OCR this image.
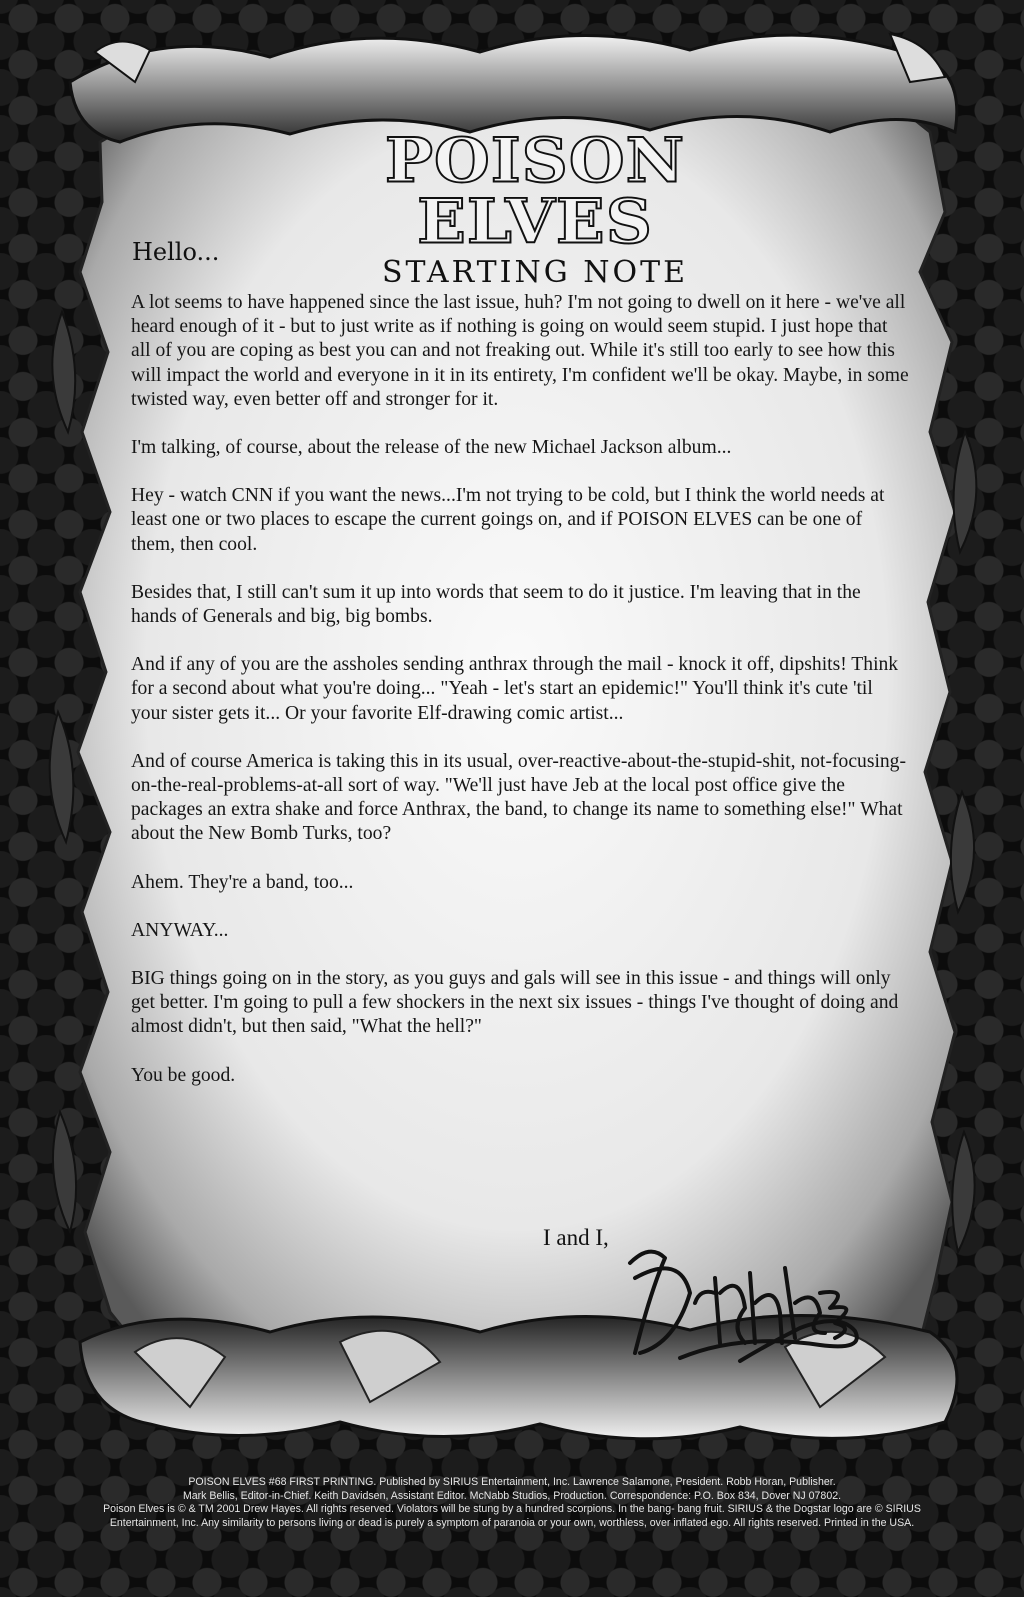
POISON ELVES
STARTING NOTE
Hello...

A lot seems to have happened since the last issue, huh? I'm not going to dwell on it here - we've all heard enough of it - but to just write as if nothing is going on would seem stupid. I just hope that all of you are coping as best you can and not freaking out. While it's still too early to see how this will impact the world and everyone in it in its entirety, I'm confident we'll be okay. Maybe, in some twisted way, even better off and stronger for it.

I'm talking, of course, about the release of the new Michael Jackson album...

Hey - watch CNN if you want the news...I'm not trying to be cold, but I think the world needs at least one or two places to escape the current goings on, and if POISON ELVES can be one of them, then cool.

Besides that, I still can't sum it up into words that seem to do it justice. I'm leaving that in the hands of Generals and big, big bombs.

And if any of you are the assholes sending anthrax through the mail - knock it off, dipshits! Think for a second about what you're doing... "Yeah - let's start an epidemic!" You'll think it's cute 'til your sister gets it... Or your favorite Elf-drawing comic artist...

And of course America is taking this in its usual, over-reactive-about-the-stupid-shit, not-focusing-on-the-real-problems-at-all sort of way. "We'll just have Jeb at the local post office give the packages an extra shake and force Anthrax, the band, to change its name to something else!" What about the New Bomb Turks, too?

Ahem. They're a band, too...

ANYWAY...

BIG things going on in the story, as you guys and gals will see in this issue - and things will only get better. I'm going to pull a few shockers in the next six issues - things I've thought of doing and almost didn't, but then said, "What the hell?"

You be good.

I and I,
POISON ELVES #68 FIRST PRINTING. Published by SIRIUS Entertainment, Inc. Lawrence Salamone, President. Robb Horan, Publisher.
Mark Bellis, Editor-in-Chief. Keith Davidsen, Assistant Editor. McNabb Studios, Production. Correspondence: P.O. Box 834, Dover NJ 07802.
Poison Elves is © & TM 2001 Drew Hayes. All rights reserved. Violators will be stung by a hundred scorpions. In the bang- bang fruit. SIRIUS & the Dogstar logo are © SIRIUS
Entertainment, Inc. Any similarity to persons living or dead is purely a symptom of paranoia or your own, worthless, over inflated ego. All rights reserved. Printed in the USA.
